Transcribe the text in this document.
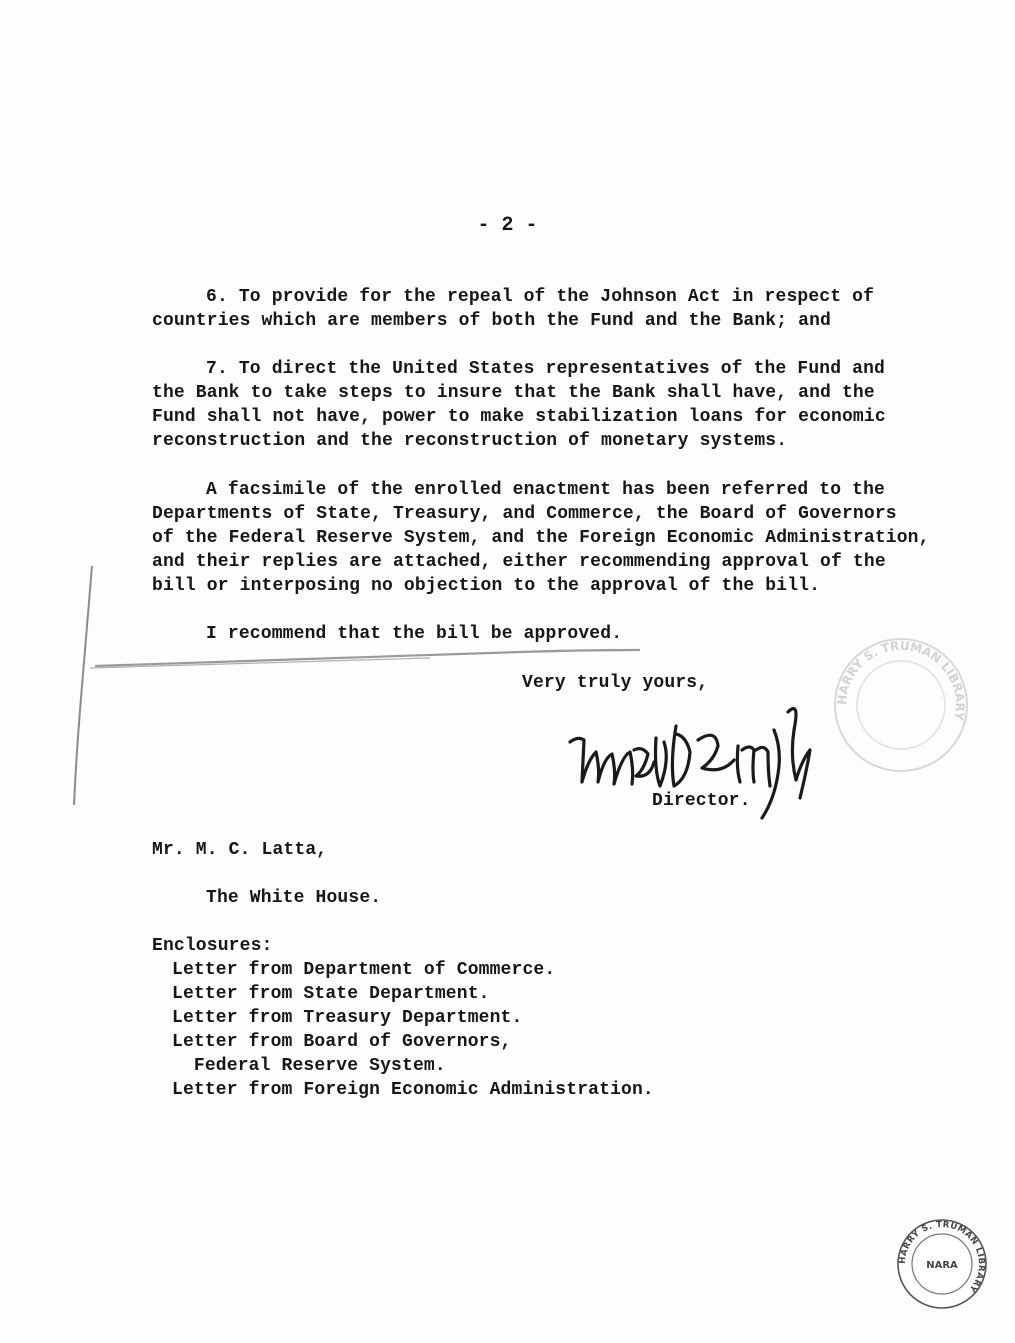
- 2 -
6. To provide for the repeal of the Johnson Act in respect of
countries which are members of both the Fund and the Bank; and
7. To direct the United States representatives of the Fund and
the Bank to take steps to insure that the Bank shall have, and the
Fund shall not have, power to make stabilization loans for economic
reconstruction and the reconstruction of monetary systems.
A facsimile of the enrolled enactment has been referred to the
Departments of State, Treasury, and Commerce, the Board of Governors
of the Federal Reserve System, and the Foreign Economic Administration,
and their replies are attached, either recommending approval of the
bill or interposing no objection to the approval of the bill.
I recommend that the bill be approved.
Very truly yours,
Director.
Mr. M. C. Latta,
The White House.
Enclosures:
Letter from Department of Commerce.
Letter from State Department.
Letter from Treasury Department.
Letter from Board of Governors,
Federal Reserve System.
Letter from Foreign Economic Administration.
HARRY S. TRUMAN LIBRARY
HARRY S. TRUMAN LIBRARY
NARA
